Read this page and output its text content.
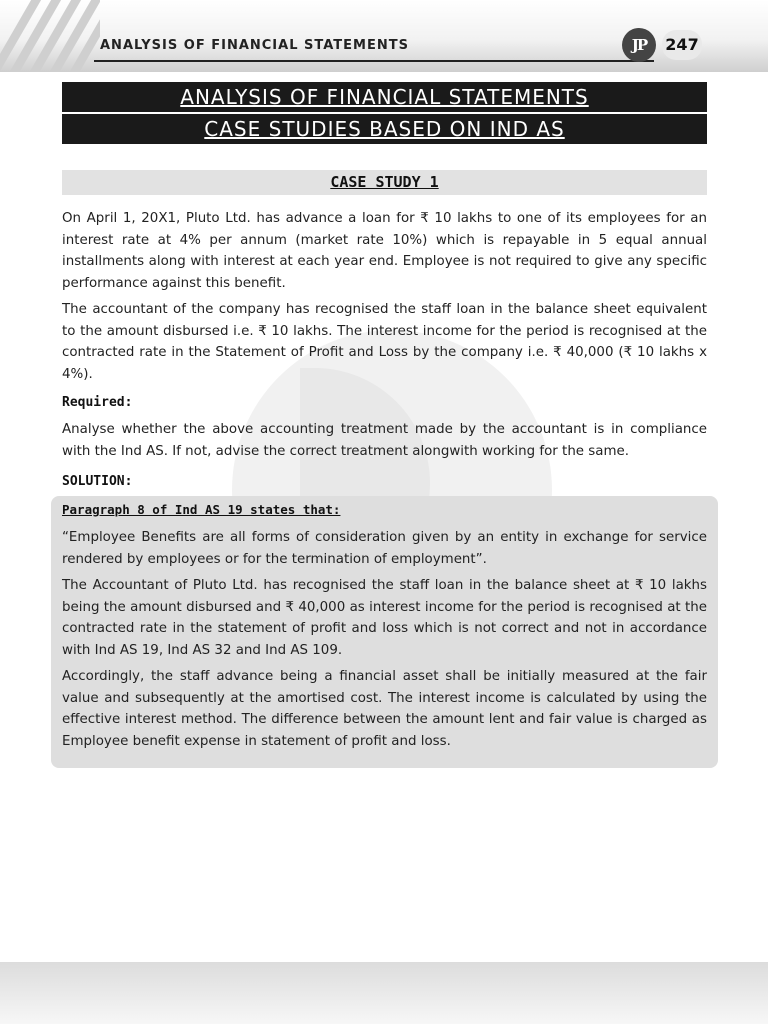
ANALYSIS OF FINANCIAL STATEMENTS	JP	247
ANALYSIS OF FINANCIAL STATEMENTS
CASE STUDIES BASED ON IND AS
CASE STUDY 1

On April 1, 20X1, Pluto Ltd. has advance a loan for ₹ 10 lakhs to one of its employees for an interest rate at 4% per annum (market rate 10%) which is repayable in 5 equal annual installments along with interest at each year end. Employee is not required to give any specific performance against this benefit.

The accountant of the company has recognised the staff loan in the balance sheet equivalent to the amount disbursed i.e. ₹ 10 lakhs. The interest income for the period is recognised at the contracted rate in the Statement of Profit and Loss by the company i.e. ₹ 40,000 (₹ 10 lakhs x 4%).

Required:

Analyse whether the above accounting treatment made by the accountant is in compliance with the Ind AS. If not, advise the correct treatment alongwith working for the same.

SOLUTION:
Paragraph 8 of Ind AS 19 states that:

“Employee Benefits are all forms of consideration given by an entity in exchange for service rendered by employees or for the termination of employment”.

The Accountant of Pluto Ltd. has recognised the staff loan in the balance sheet at ₹ 10 lakhs being the amount disbursed and ₹ 40,000 as interest income for the period is recognised at the contracted rate in the statement of profit and loss which is not correct and not in accordance with Ind AS 19, Ind AS 32 and Ind AS 109.

Accordingly, the staff advance being a financial asset shall be initially measured at the fair value and subsequently at the amortised cost. The interest income is calculated by using the effective interest method. The difference between the amount lent and fair value is charged as Employee benefit expense in statement of profit and loss.
